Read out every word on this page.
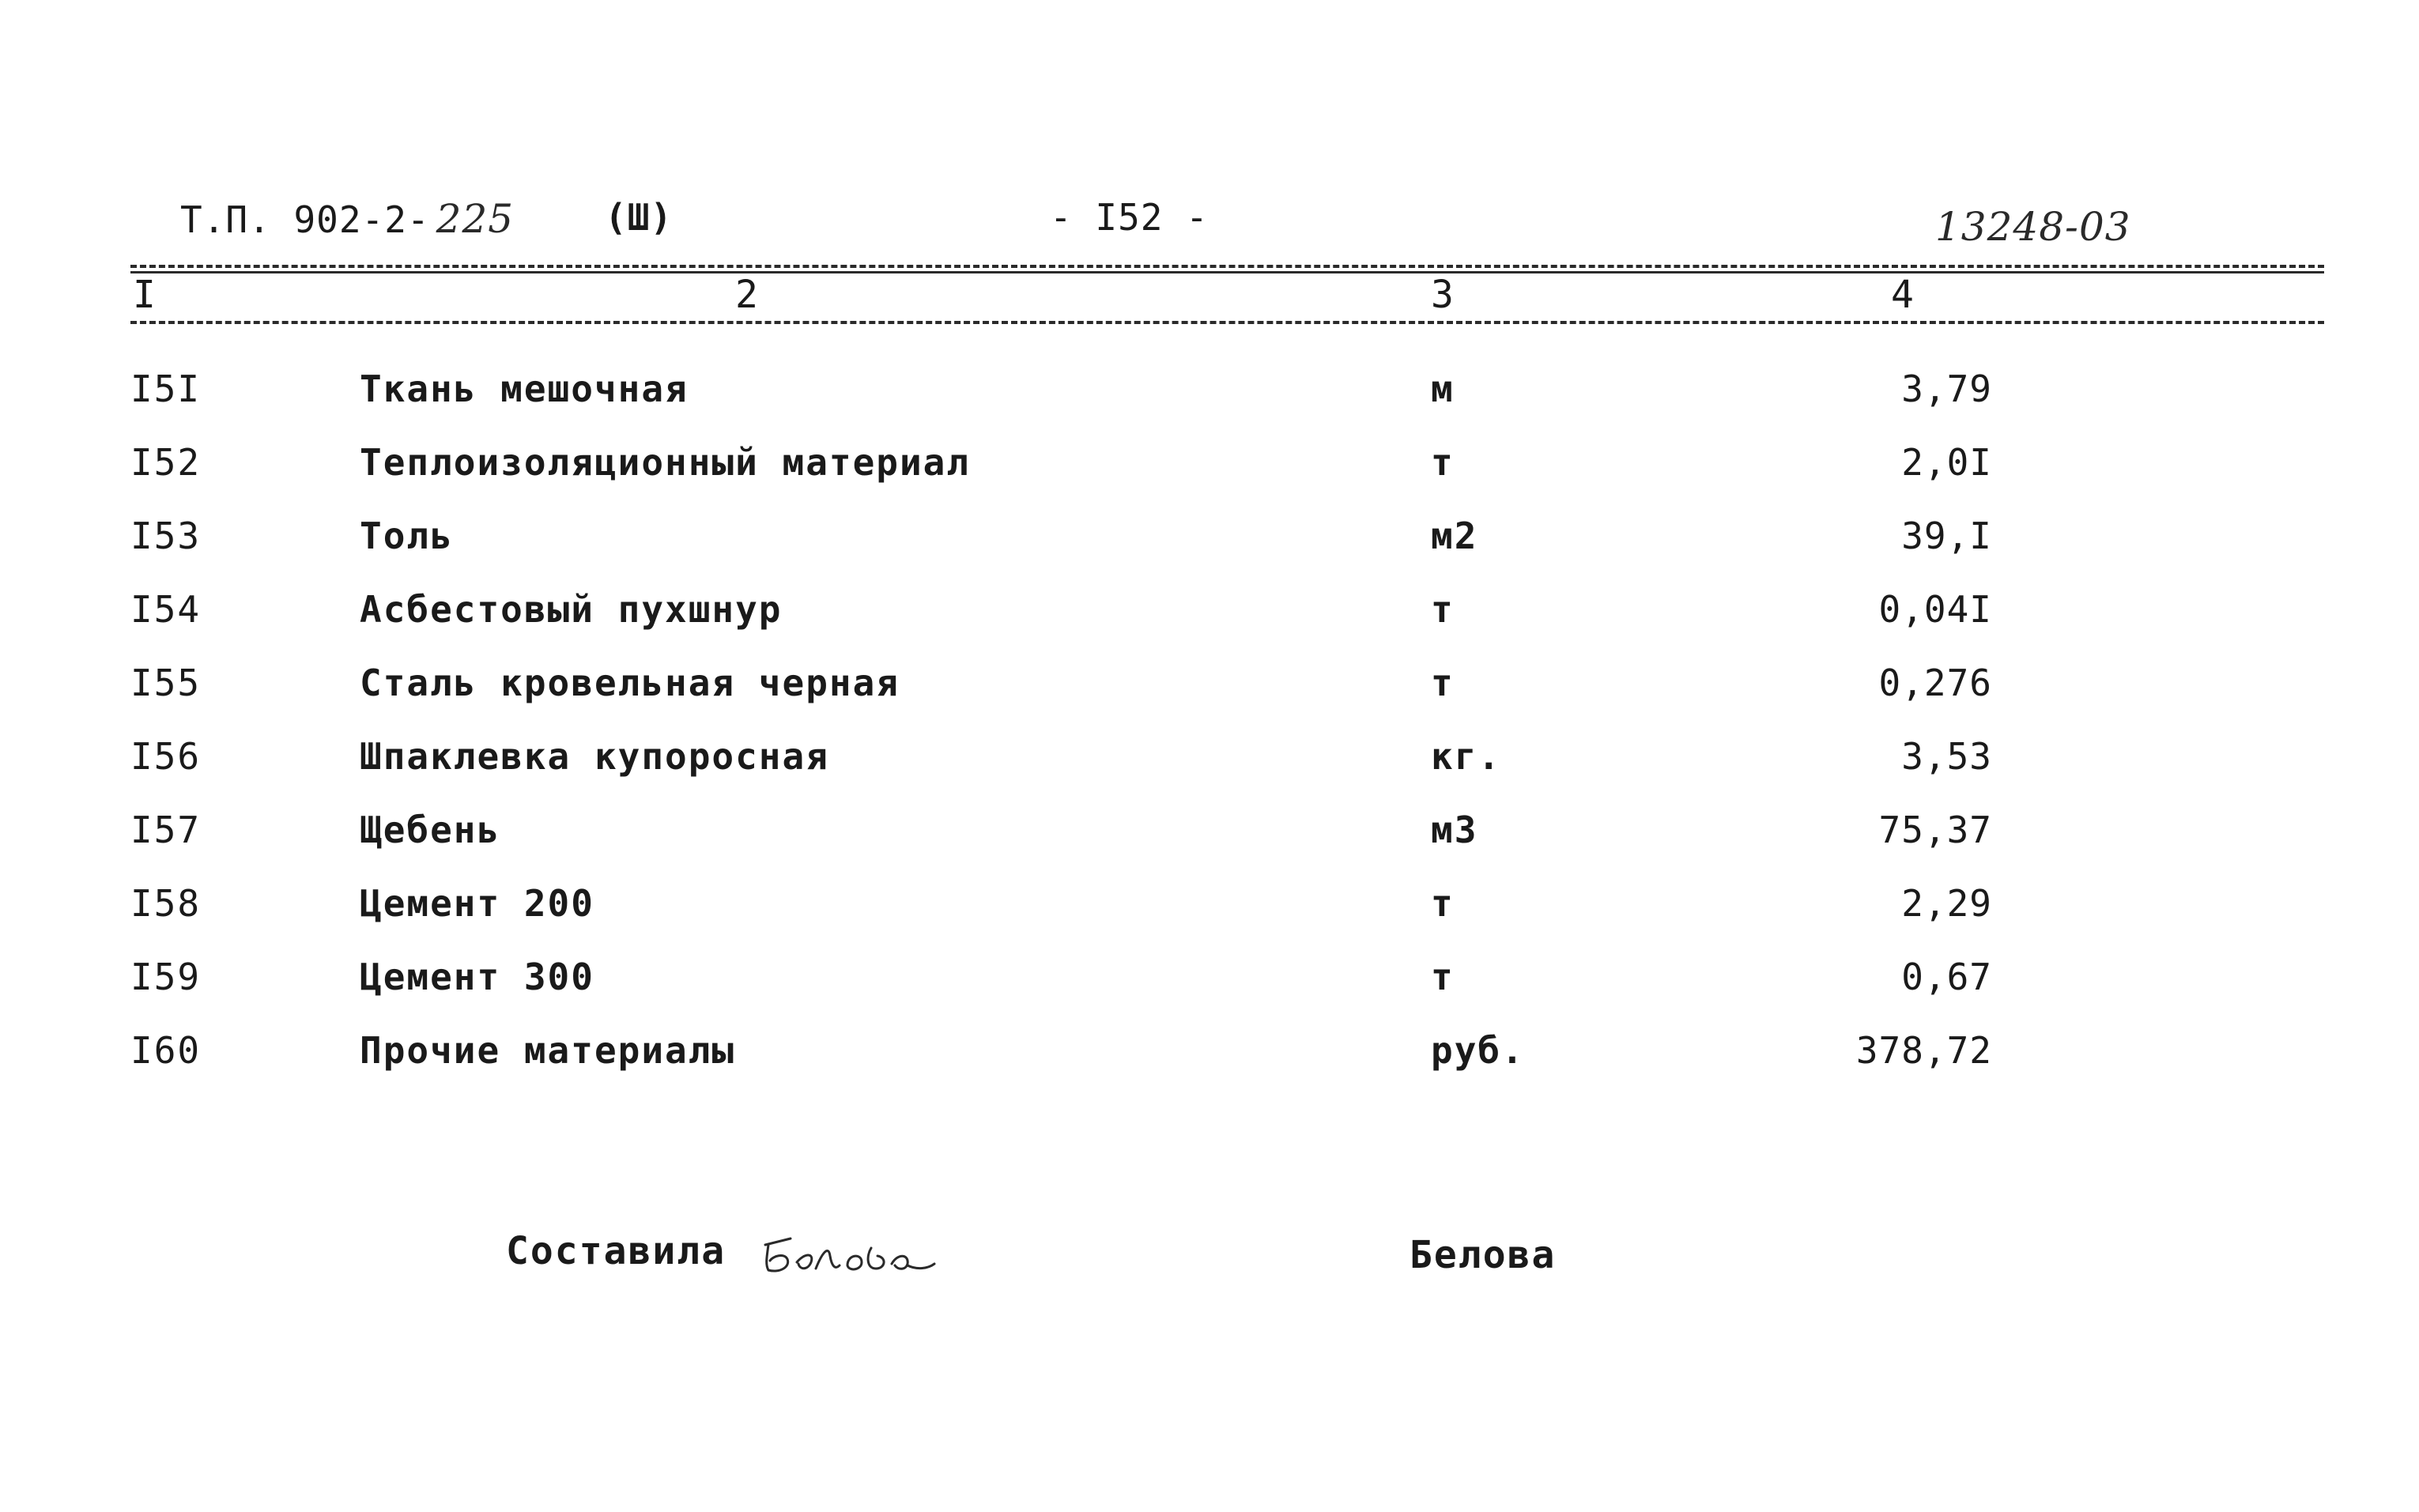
Т.П. 902-2- 225 (Ш)	- I52 -	13248-03
I	2	3	4
I5I	Ткань мешочная	м	3,79
I52	Теплоизоляционный материал	т	2,0I
I53	Толь	м2	39,I
I54	Асбестовый пухшнур	т	0,04I
I55	Сталь кровельная черная	т	0,276
I56	Шпаклевка купоросная	кг.	3,53
I57	Щебень	м3	75,37
I58	Цемент 200	т	2,29
I59	Цемент 300	т	0,67
I60	Прочие материалы	руб.	378,72
Составила	Белова
